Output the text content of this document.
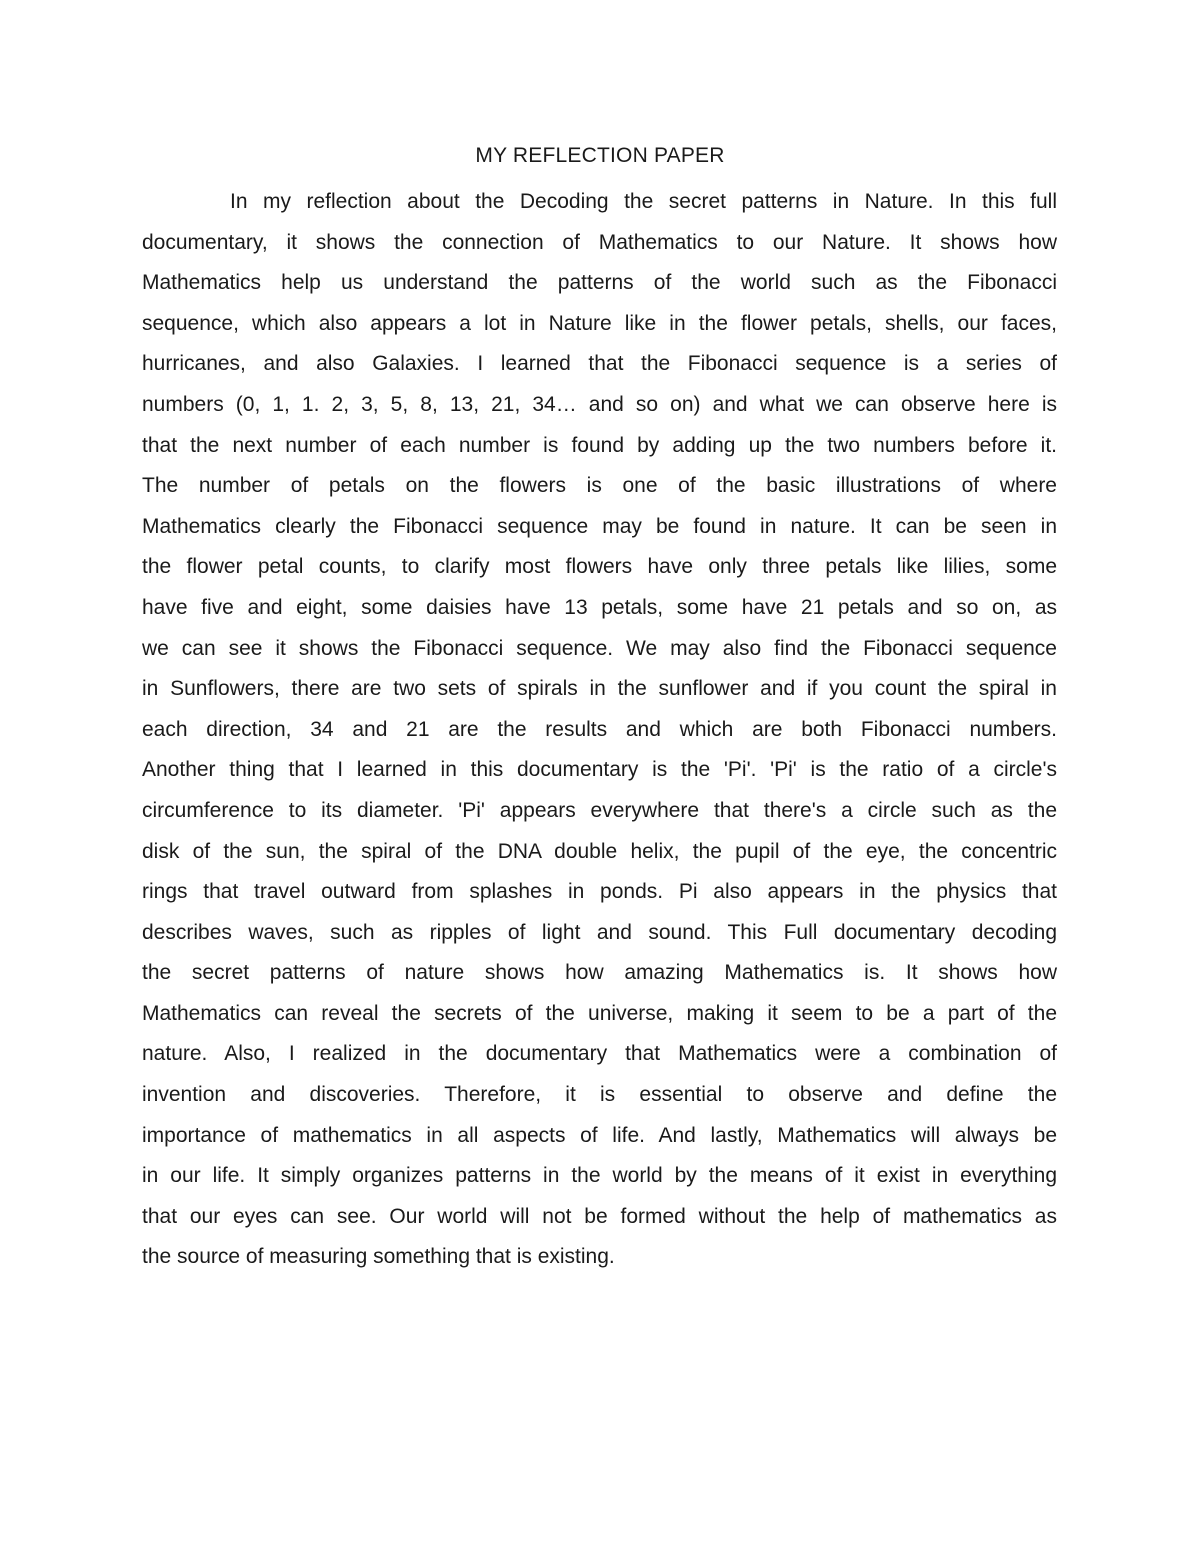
MY REFLECTION PAPER
In my reflection about the Decoding the secret patterns in Nature. In this full
documentary, it shows the connection of Mathematics to our Nature. It shows how
Mathematics help us understand the patterns of the world such as the Fibonacci
sequence, which also appears a lot in Nature like in the flower petals, shells, our faces,
hurricanes, and also Galaxies. I learned that the Fibonacci sequence is a series of
numbers (0, 1, 1. 2, 3, 5, 8, 13, 21, 34… and so on) and what we can observe here is
that the next number of each number is found by adding up the two numbers before it.
The number of petals on the flowers is one of the basic illustrations of where
Mathematics clearly the Fibonacci sequence may be found in nature. It can be seen in
the flower petal counts, to clarify most flowers have only three petals like lilies, some
have five and eight, some daisies have 13 petals, some have 21 petals and so on, as
we can see it shows the Fibonacci sequence. We may also find the Fibonacci sequence
in Sunflowers, there are two sets of spirals in the sunflower and if you count the spiral in
each direction, 34 and 21 are the results and which are both Fibonacci numbers.
Another thing that I learned in this documentary is the 'Pi'. 'Pi' is the ratio of a circle's
circumference to its diameter. 'Pi' appears everywhere that there's a circle such as the
disk of the sun, the spiral of the DNA double helix, the pupil of the eye, the concentric
rings that travel outward from splashes in ponds. Pi also appears in the physics that
describes waves, such as ripples of light and sound. This Full documentary decoding
the secret patterns of nature shows how amazing Mathematics is. It shows how
Mathematics can reveal the secrets of the universe, making it seem to be a part of the
nature. Also, I realized in the documentary that Mathematics were a combination of
invention and discoveries. Therefore, it is essential to observe and define the
importance of mathematics in all aspects of life. And lastly, Mathematics will always be
in our life. It simply organizes patterns in the world by the means of it exist in everything
that our eyes can see. Our world will not be formed without the help of mathematics as
the source of measuring something that is existing.
